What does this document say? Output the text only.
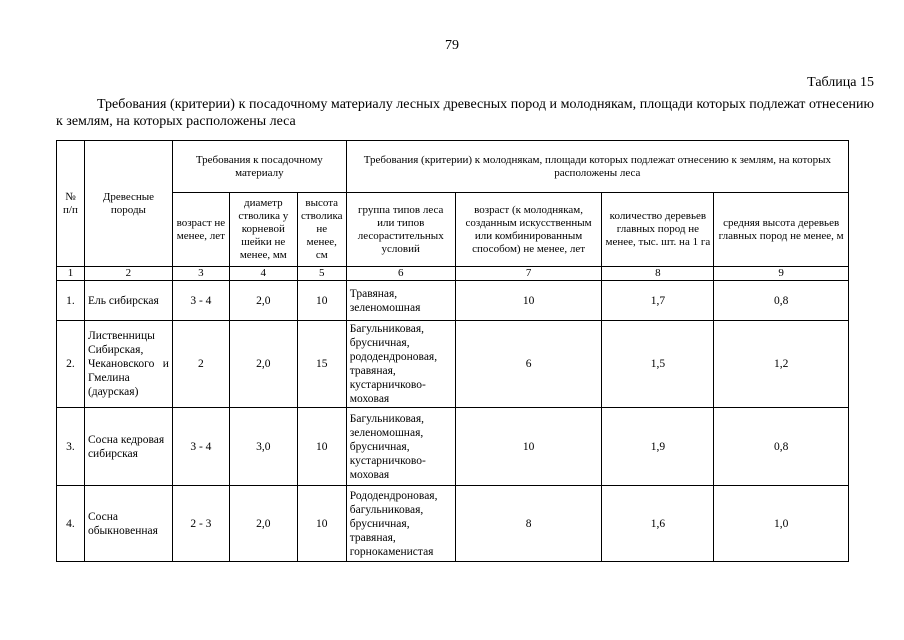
79
Таблица 15
Требования (критерии) к посадочному материалу лесных древесных пород и молоднякам, площади которых подлежат отнесению к землям, на которых расположены леса
№ п/п	Древесные породы	Требования к посадочному материалу			Требования (критерии) к молоднякам, площади которых подлежат отнесению к землям, на которых расположены леса			
		возраст не менее, лет	диаметр стволика у корневой шейки не менее, мм	высота стволика не менее, см	группа типов леса или типов лесорастительных условий	возраст (к молоднякам, созданным искусственным или комбинированным способом) не менее, лет	количество деревьев главных пород не менее, тыс. шт. на 1 га	средняя высота деревьев главных пород не менее, м
1	2	3	4	5	6	7	8	9
1.	Ель сибирская	3 - 4	2,0	10	Травяная, зеленомошная	10	1,7	0,8
2.	Лиственницы Сибирская, Чекановского и Гмелина (даурская)	2	2,0	15	Багульниковая, брусничная, рододендроновая, травяная, кустарничково-моховая	6	1,5	1,2
3.	Сосна кедровая сибирская	3 - 4	3,0	10	Багульниковая, зеленомошная, брусничная, кустарничково-моховая	10	1,9	0,8
4.	Сосна обыкновенная	2 - 3	2,0	10	Рододендроновая, багульниковая, брусничная, травяная, горнокаменистая	8	1,6	1,0
